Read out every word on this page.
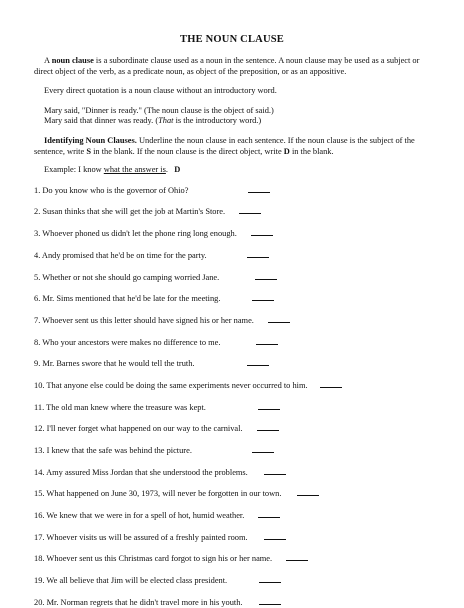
THE NOUN CLAUSE

A noun clause is a subordinate clause used as a noun in the sentence. A noun clause may be used as a subject or direct object of the verb, as a predicate noun, as object of the preposition, or as an appositive.

Every direct quotation is a noun clause without an introductory word.

Mary said, "Dinner is ready." (The noun clause is the object of said.)

Mary said that dinner was ready. (That is the introductory word.)

Identifying Noun Clauses. Underline the noun clause in each sentence. If the noun clause is the subject of the sentence, write S in the blank. If the noun clause is the direct object, write D in the blank.

Example: I know what the answer is. D

1. Do you know who is the governor of Ohio?
2. Susan thinks that she will get the job at Martin's Store.
3. Whoever phoned us didn't let the phone ring long enough.
4. Andy promised that he'd be on time for the party.
5. Whether or not she should go camping worried Jane.
6. Mr. Sims mentioned that he'd be late for the meeting.
7. Whoever sent us this letter should have signed his or her name.
8. Who your ancestors were makes no difference to me.
9. Mr. Barnes swore that he would tell the truth.
10. That anyone else could be doing the same experiments never occurred to him.
11. The old man knew where the treasure was kept.
12. I'll never forget what happened on our way to the carnival.
13. I knew that the safe was behind the picture.
14. Amy assured Miss Jordan that she understood the problems.
15. What happened on June 30, 1973, will never be forgotten in our town.
16. We knew that we were in for a spell of hot, humid weather.
17. Whoever visits us will be assured of a freshly painted room.
18. Whoever sent us this Christmas card forgot to sign his or her name.
19. We all believe that Jim will be elected class president.
20. Mr. Norman regrets that he didn't travel more in his youth.
